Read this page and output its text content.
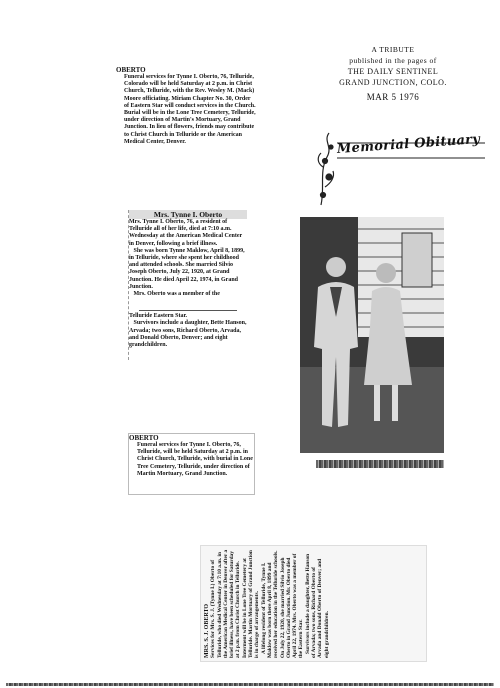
OBERTO
Funeral services for Tynne I. Oberto, 76, Telluride, Colorado will be held Saturday at 2 p.m. in Christ Church, Telluride, with the Rev. Wesley M. (Mack) Moore officiating. Miriam Chapter No. 30, Order of Eastern Star will conduct services in the Church. Burial will be in the Lone Tree Cemetery, Telluride, under direction of Martin's Mortuary, Grand Junction. In lieu of flowers, friends may contribute to Christ Church in Telluride or the American Medical Center, Denver.
Mrs. Tynne I. Oberto
Mrs. Tynne I. Oberto, 76, a resident of Telluride all of her life, died at 7:10 a.m. Wednesday at the American Medical Center in Denver, following a brief illness.
She was born Tynne Maklow, April 8, 1899, in Telluride, where she spent her childhood and attended schools. She married Silvio Joseph Oberto, July 22, 1920, at Grand Junction. He died April 22, 1974, in Grand Junction.
Mrs. Oberto was a member of the
Telluride Eastern Star.
Survivors include a daughter, Bette Hanson, Arvada; two sons, Richard Oberto, Arvada, and Donald Oberto, Denver; and eight grandchildren.
OBERTO
Funeral services for Tynne I. Oberto, 76, Telluride, will be held Saturday at 2 p.m. in Christ Church, Telluride, with burial in Lone Tree Cemetery, Telluride, under direction of Martin Mortuary, Grand Junction.
MRS. S. J. OBERTO Services for Mrs. S. J. (Tynne I.) Oberto of Telluride, who died Wednesday at 7:10 a.m. in the American Medical Center in Denver after a brief illness, have been scheduled for Saturday at 2 p.m. from Christ Church in Telluride. Interment will be in Lone Tree Cemetery at Telluride. Martin Mortuary of Grand Junction is in charge of arrangements.
A lifelong resident of Telluride, Tynne I. Maklow was born there April 8, 1899 and received her education in the Telluride schools. On July 22, 1920, she married Silvio Joseph Oberto in Grand Junction. Mr. Oberto died April 22, 1974. Mrs. Oberto was a member of the Eastern Star.
Survivors include a daughter, Bette Hanson of Arvada; two sons, Richard Oberto of Arvada and Donald Oberto of Denver; and eight grandchildren.
A TRIBUTE
published in the pages of
THE DAILY SENTINEL
GRAND JUNCTION, COLO.
MAR 5 1976
Memorial Obituary
